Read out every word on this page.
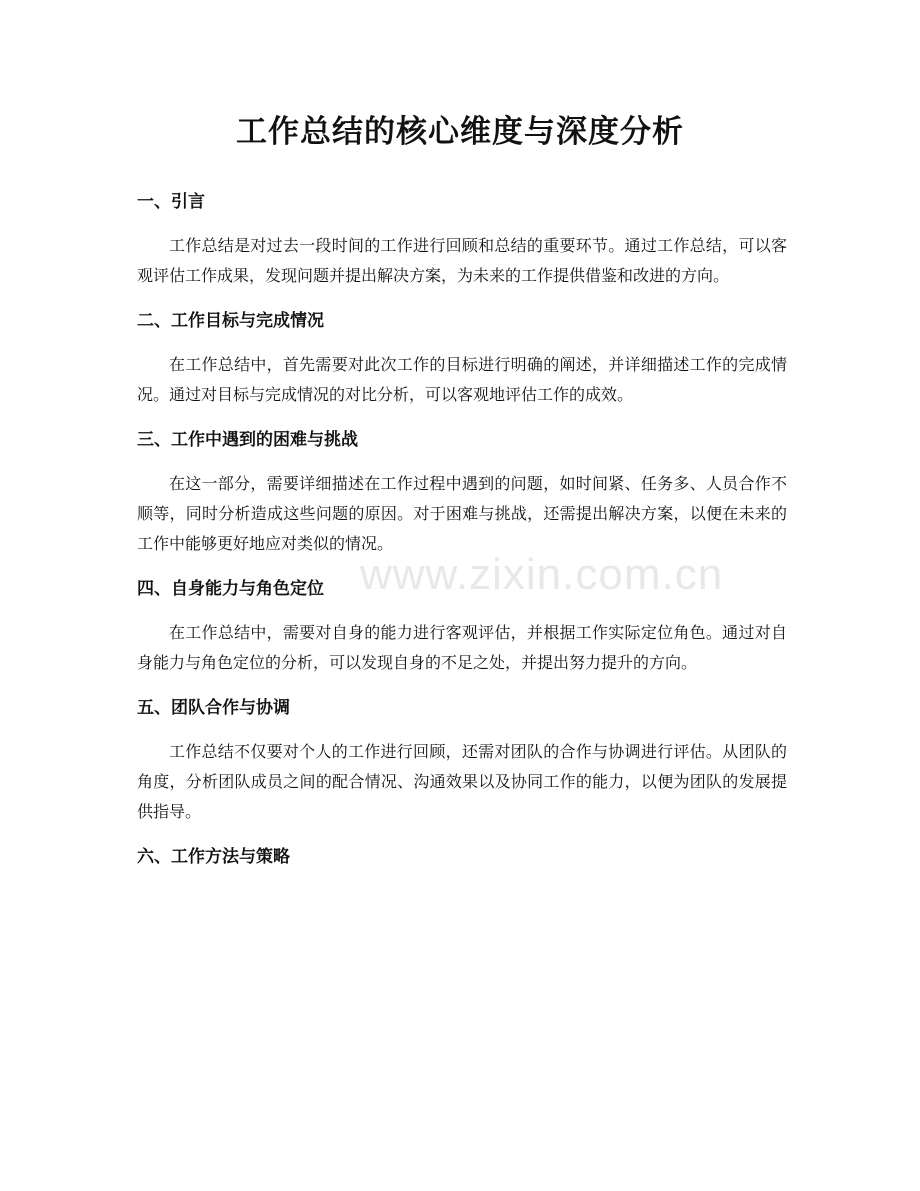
www.zixin.com.cn
工作总结的核心维度与深度分析
一、引言

工作总结是对过去一段时间的工作进行回顾和总结的重要环节。通过工作总结，可以客观评估工作成果，发现问题并提出解决方案，为未来的工作提供借鉴和改进的方向。

二、工作目标与完成情况

在工作总结中，首先需要对此次工作的目标进行明确的阐述，并详细描述工作的完成情况。通过对目标与完成情况的对比分析，可以客观地评估工作的成效。

三、工作中遇到的困难与挑战

在这一部分，需要详细描述在工作过程中遇到的问题，如时间紧、任务多、人员合作不顺等，同时分析造成这些问题的原因。对于困难与挑战，还需提出解决方案，以便在未来的工作中能够更好地应对类似的情况。

四、自身能力与角色定位

在工作总结中，需要对自身的能力进行客观评估，并根据工作实际定位角色。通过对自身能力与角色定位的分析，可以发现自身的不足之处，并提出努力提升的方向。

五、团队合作与协调

工作总结不仅要对个人的工作进行回顾，还需对团队的合作与协调进行评估。从团队的角度，分析团队成员之间的配合情况、沟通效果以及协同工作的能力，以便为团队的发展提供指导。

六、工作方法与策略
